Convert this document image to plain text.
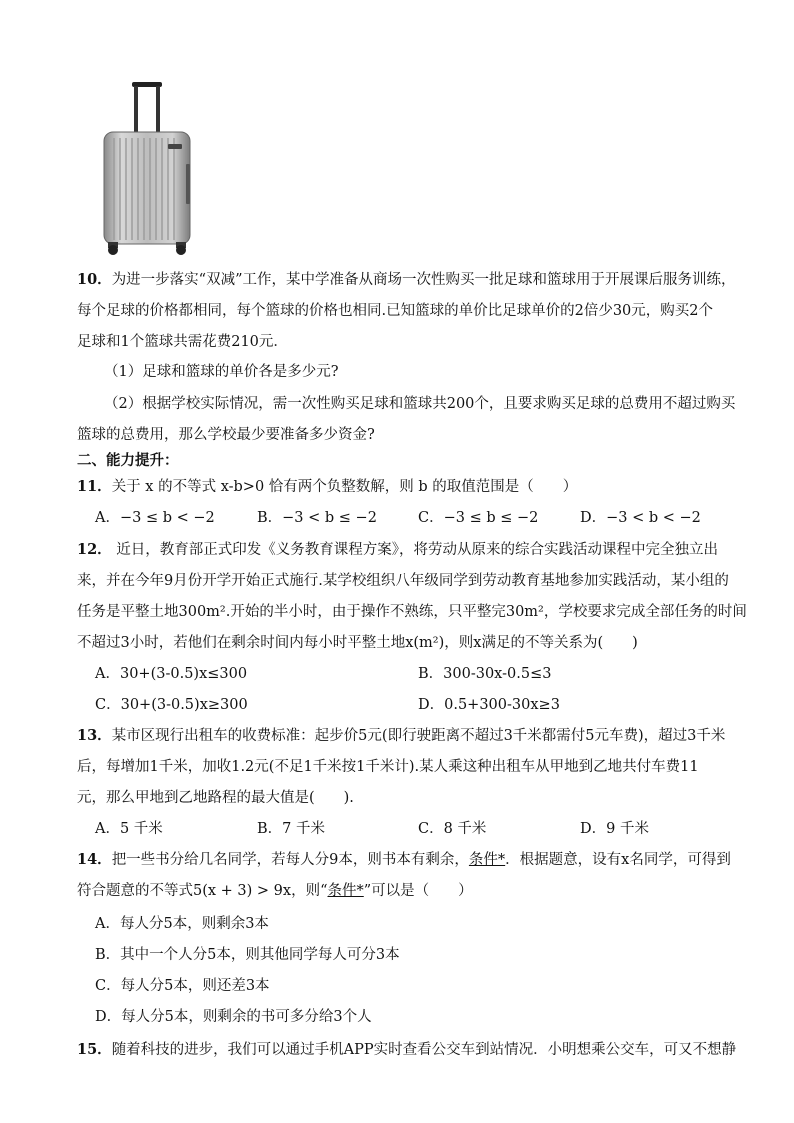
10．为进一步落实“双减”工作，某中学准备从商场一次性购买一批足球和篮球用于开展课后服务训练，
每个足球的价格都相同，每个篮球的价格也相同.已知篮球的单价比足球单价的2倍少30元，购买2个
足球和1个篮球共需花费210元．
（1）足球和篮球的单价各是多少元?
（2）根据学校实际情况，需一次性购买足球和篮球共200个，且要求购买足球的总费用不超过购买
篮球的总费用，那么学校最少要准备多少资金?
二、能力提升：
11．关于 x 的不等式 x-b>0 恰有两个负整数解，则 b 的取值范围是（　　）
A．−3 ≤ b < −2	B．−3 < b ≤ −2	C．−3 ≤ b ≤ −2	D．−3 < b < −2
12． 近日，教育部正式印发《义务教育课程方案》，将劳动从原来的综合实践活动课程中完全独立出
来，并在今年9月份开学开始正式施行.某学校组织八年级同学到劳动教育基地参加实践活动，某小组的
任务是平整土地300m².开始的半小时，由于操作不熟练，只平整完30m²，学校要求完成全部任务的时间
不超过3小时，若他们在剩余时间内每小时平整土地x(m²)，则x满足的不等关系为(　　)
A．30+(3-0.5)x≤300	B．300-30x-0.5≤3
C．30+(3-0.5)x≥300	D．0.5+300-30x≥3
13．某市区现行出租车的收费标准：起步价5元(即行驶距离不超过3千米都需付5元车费)，超过3千米
后，每增加1千米，加收1.2元(不足1千米按1千米计).某人乘这种出租车从甲地到乙地共付车费11
元，那么甲地到乙地路程的最大值是(　　).
A．5 千米	B．7 千米	C．8 千米	D．9 千米
14．把一些书分给几名同学，若每人分9本，则书本有剩余，条件*．根据题意，设有x名同学，可得到
符合题意的不等式5(x + 3) > 9x，则“条件*”可以是（　　）
A．每人分5本，则剩余3本
B．其中一个人分5本，则其他同学每人可分3本
C．每人分5本，则还差3本
D．每人分5本，则剩余的书可多分给3个人
15．随着科技的进步，我们可以通过手机APP实时查看公交车到站情况．小明想乘公交车，可又不想静
